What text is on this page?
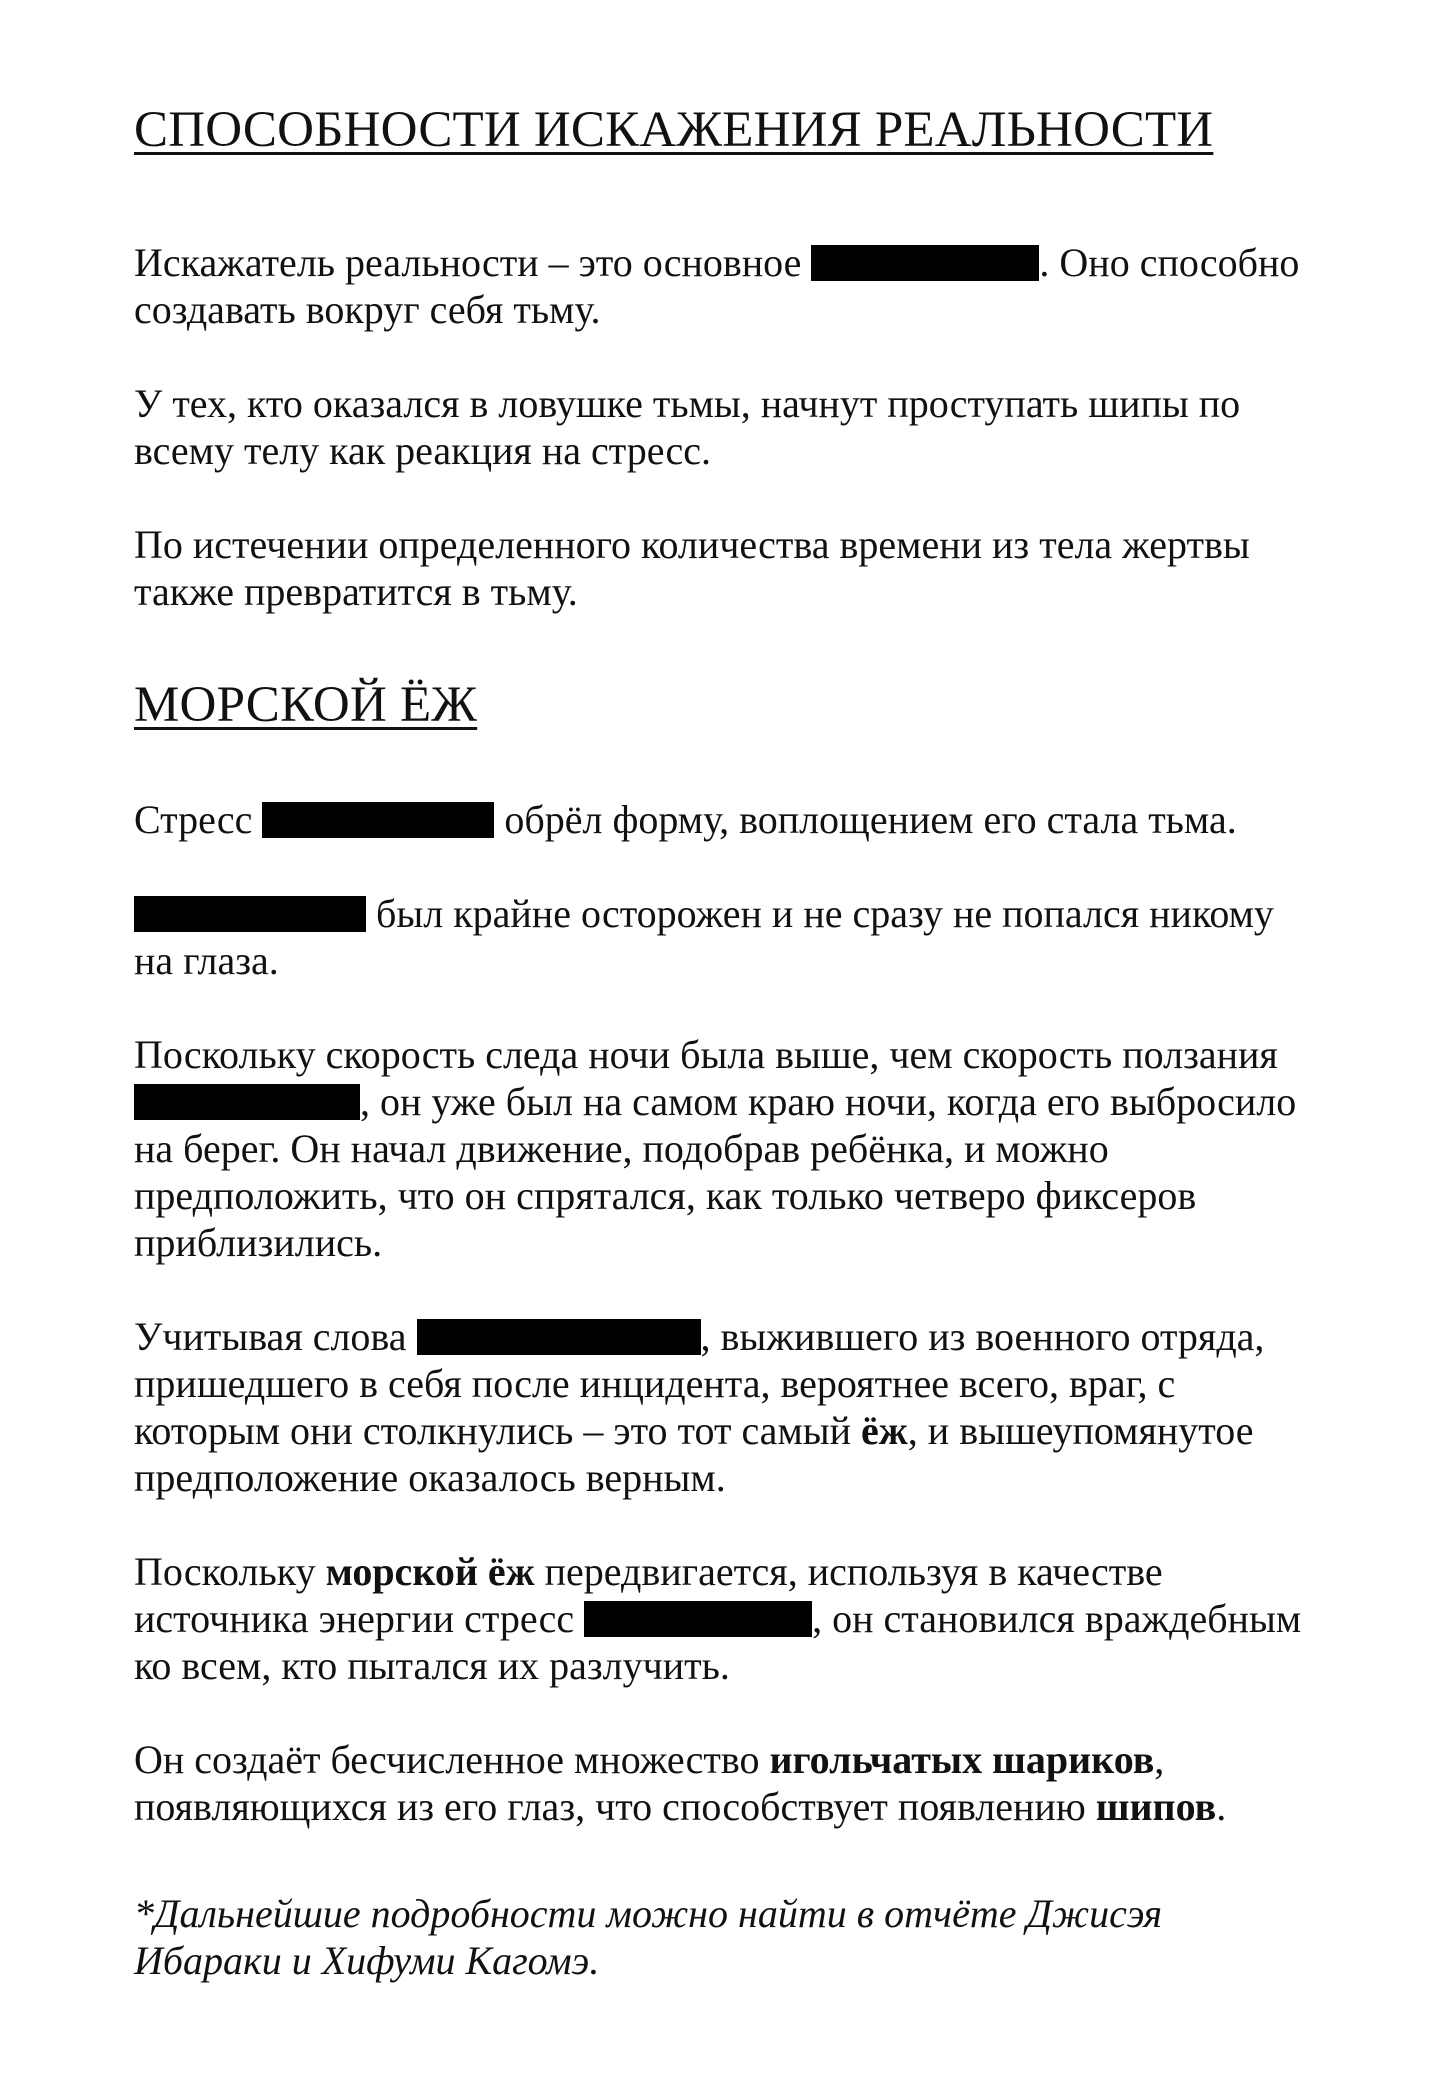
СПОСОБНОСТИ ИСКАЖЕНИЯ РЕАЛЬНОСТИ

Искажатель реальности – это основное	. Оно способно создавать вокруг себя тьму.

У тех, кто оказался в ловушке тьмы, начнут проступать шипы по всему телу как реакция на стресс.

По истечении определенного количества времени из тела жертвы также превратится в тьму.

МОРСКОЙ ЁЖ

Стресс	обрёл форму, воплощением его стала тьма.

был крайне осторожен и не сразу не попался никому на глаза.

Поскольку скорость следа ночи была выше, чем скорость ползания , он уже был на самом краю ночи, когда его выбросило на берег. Он начал движение, подобрав ребёнка, и можно предположить, что он спрятался, как только четверо фиксеров приблизились.

Учитывая слова	, выжившего из военного отряда, пришедшего в себя после инцидента, вероятнее всего, враг, с которым они столкнулись – это тот самый ёж, и вышеупомянутое предположение оказалось верным.

Поскольку морской ёж передвигается, используя в качестве источника энергии стресс	, он становился враждебным ко всем, кто пытался их разлучить.

Он создаёт бесчисленное множество игольчатых шариков, появляющихся из его глаз, что способствует появлению шипов.

*Дальнейшие подробности можно найти в отчёте Джисэя Ибараки и Хифуми Кагомэ.
